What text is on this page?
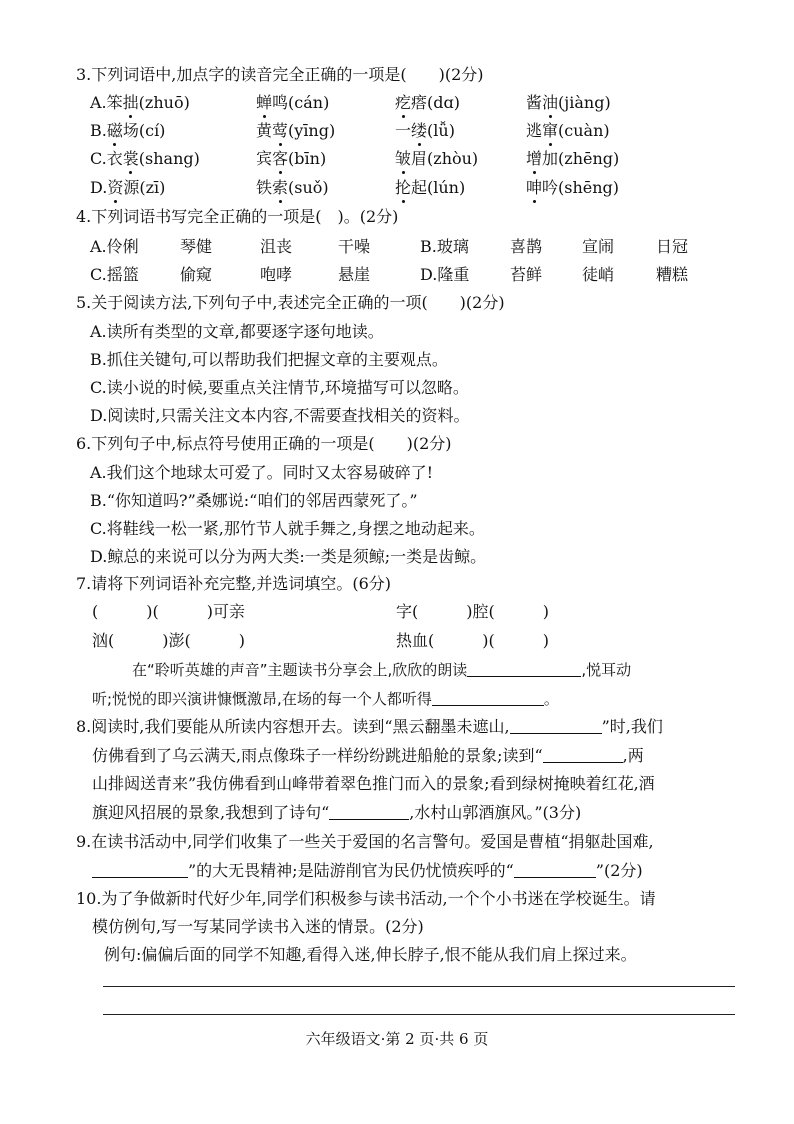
3.下列词语中,加点字的读音完全正确的一项是(　　)(2分)
A.笨拙(zhuō)	蝉鸣(cán)	疙瘩(dɑ)	酱油(jiàng)
B.磁场(cí)	黄莺(yīng)	一缕(lǚ)	逃窜(cuàn)
C.衣裳(shang)	宾客(bīn)	皱眉(zhòu)	增加(zhēng)
D.资源(zī)	铁索(suǒ)	抡起(lún)	呻吟(shēng)
4.下列词语书写完全正确的一项是(　)。(2分)
A.伶俐	琴健	沮丧	干噪	B.玻璃	喜鹊 宣闹	日冠
C.摇篮	偷窥	咆哮	悬崖	D.隆重	苔鲜 徒峭	糟糕
5.关于阅读方法,下列句子中,表述完全正确的一项(　　)(2分)
A.读所有类型的文章,都要逐字逐句地读。
B.抓住关键句,可以帮助我们把握文章的主要观点。
C.读小说的时候,要重点关注情节,环境描写可以忽略。
D.阅读时,只需关注文本内容,不需要查找相关的资料。
6.下列句子中,标点符号使用正确的一项是(　　)(2分)
A.我们这个地球太可爱了。同时又太容易破碎了!
B.“你知道吗?”桑娜说:“咱们的邻居西蒙死了。”
C.将鞋线一松一紧,那竹节人就手舞之,身摆之地动起来。
D.鲸总的来说可以分为两大类:一类是须鲸;一类是齿鲸。
7.请将下列词语补充完整,并选词填空。(6分)
(　　　)(　　　)可亲	字(　　　)腔(　　　)
汹(　　　)澎(　　　)	热血(　　　)(　　　)
在“聆听英雄的声音”主题读书分享会上,欣欣的朗读	,悦耳动
听;悦悦的即兴演讲慷慨激昂,在场的每一个人都听得	。
8.阅读时,我们要能从所读内容想开去。读到“黑云翻墨未遮山,	”时,我们
仿佛看到了乌云满天,雨点像珠子一样纷纷跳进船舱的景象;读到“	,两
山排闼送青来”我仿佛看到山峰带着翠色推门而入的景象;看到绿树掩映着红花,酒
旗迎风招展的景象,我想到了诗句“	,水村山郭酒旗风。”(3分)
9.在读书活动中,同学们收集了一些关于爱国的名言警句。爱国是曹植“捐躯赴国难,
”的大无畏精神;是陆游削官为民仍忧愤疾呼的“	”(2分)
10.为了争做新时代好少年,同学们积极参与读书活动,一个个小书迷在学校诞生。请
模仿例句,写一写某同学读书入迷的情景。(2分)
例句:偏偏后面的同学不知趣,看得入迷,伸长脖子,恨不能从我们肩上探过来。
六年级语文·第 2 页·共 6 页
